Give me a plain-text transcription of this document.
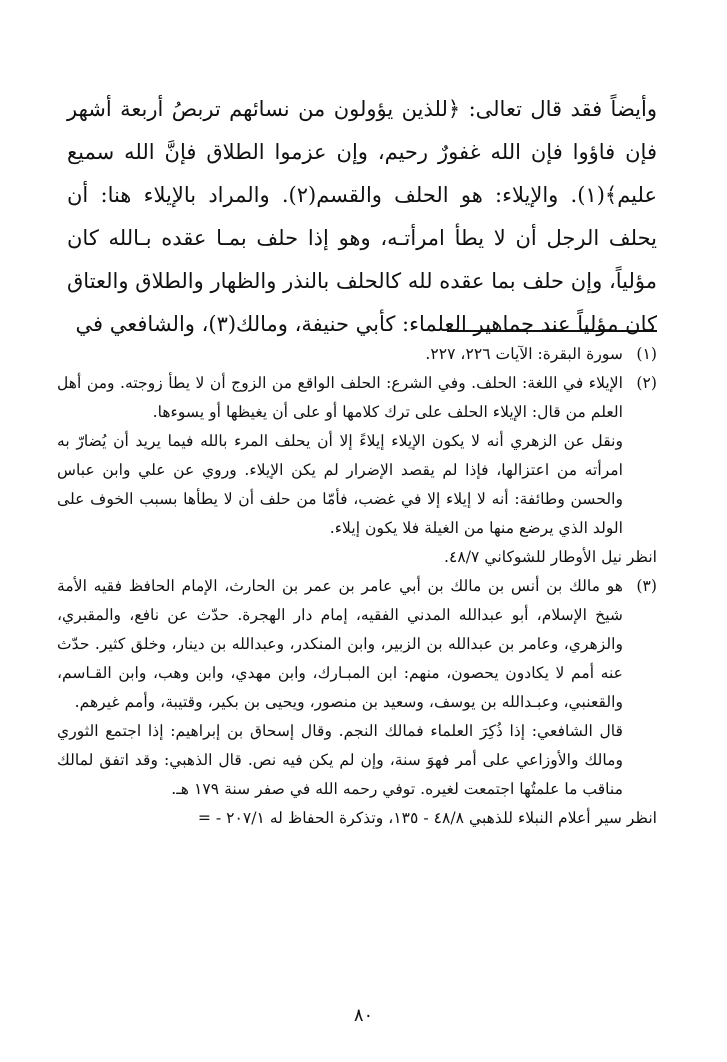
وأيضاً فقد قال تعالى: ﴿للذين يؤولون من نسائهم تربصُ أربعة أشهر فإن فاؤوا فإن الله غفورٌ رحيم، وإن عزموا الطلاق فإنَّ الله سميع عليم﴾(١). والإيلاء: هو الحلف والقسم(٢). والمراد بالإيلاء هنا: أن يحلف الرجل أن لا يطأ امرأتـه، وهو إذا حلف بمـا عقده بـالله كان مؤلياً، وإن حلف بما عقده لله كالحلف بالنذر والظهار والطلاق والعتاق كان مؤلياً عند جماهير العلماء: كأبي حنيفة، ومالك(٣)، والشافعي في

(١)

سورة البقرة: الآيات ٢٢٦، ٢٢٧.

(٢)

الإيلاء في اللغة: الحلف. وفي الشرع: الحلف الواقع من الزوج أن لا يطأ زوجته. ومن أهل العلم من قال: الإيلاء الحلف على ترك كلامها أو على أن يغيظها أو يسوءها.

ونقل عن الزهري أنه لا يكون الإيلاء إيلاءً إلا أن يحلف المرء بالله فيما يريد أن يُضارّ به امرأته من اعتزالها، فإذا لم يقصد الإضرار لم يكن الإيلاء. وروي عن علي وابن عباس والحسن وطائفة: أنه لا إيلاء إلا في غضب، فأمّا من حلف أن لا يطأها بسبب الخوف على الولد الذي يرضع منها من الغيلة فلا يكون إيلاء.

انظر نيل الأوطار للشوكاني ٤٨/٧.

(٣)

هو مالك بن أنس بن مالك بن أبي عامر بن عمر بن الحارث، الإمام الحافظ فقيه الأمة شيخ الإسلام، أبو عبدالله المدني الفقيه، إمام دار الهجرة. حدّث عن نافع، والمقبري، والزهري، وعامر بن عبدالله بن الزبير، وابن المنكدر، وعبدالله بن دينار، وخلق كثير. حدّث عنه أمم لا يكادون يحصون، منهم: ابن المبـارك، وابن مهدي، وابن وهب، وابن القـاسم، والقعنبي، وعبـدالله بن يوسف، وسعيد بن منصور، ويحيى بن بكير، وقتيبة، وأمم غيرهم.

قال الشافعي: إذا ذُكِرَ العلماء فمالك النجم. وقال إسحاق بن إبراهيم: إذا اجتمع الثوري ومالك والأوزاعي على أمر فهوَ سنة، وإن لم يكن فيه نص. قال الذهبي: وقد اتفق لمالك مناقب ما علمتُها اجتمعت لغيره. توفي رحمه الله في صفر سنة ١٧٩ هـ.

انظر سير أعلام النبلاء للذهبي ٤٨/٨ - ١٣٥، وتذكرة الحفاظ له ٢٠٧/١ - =

٨٠
